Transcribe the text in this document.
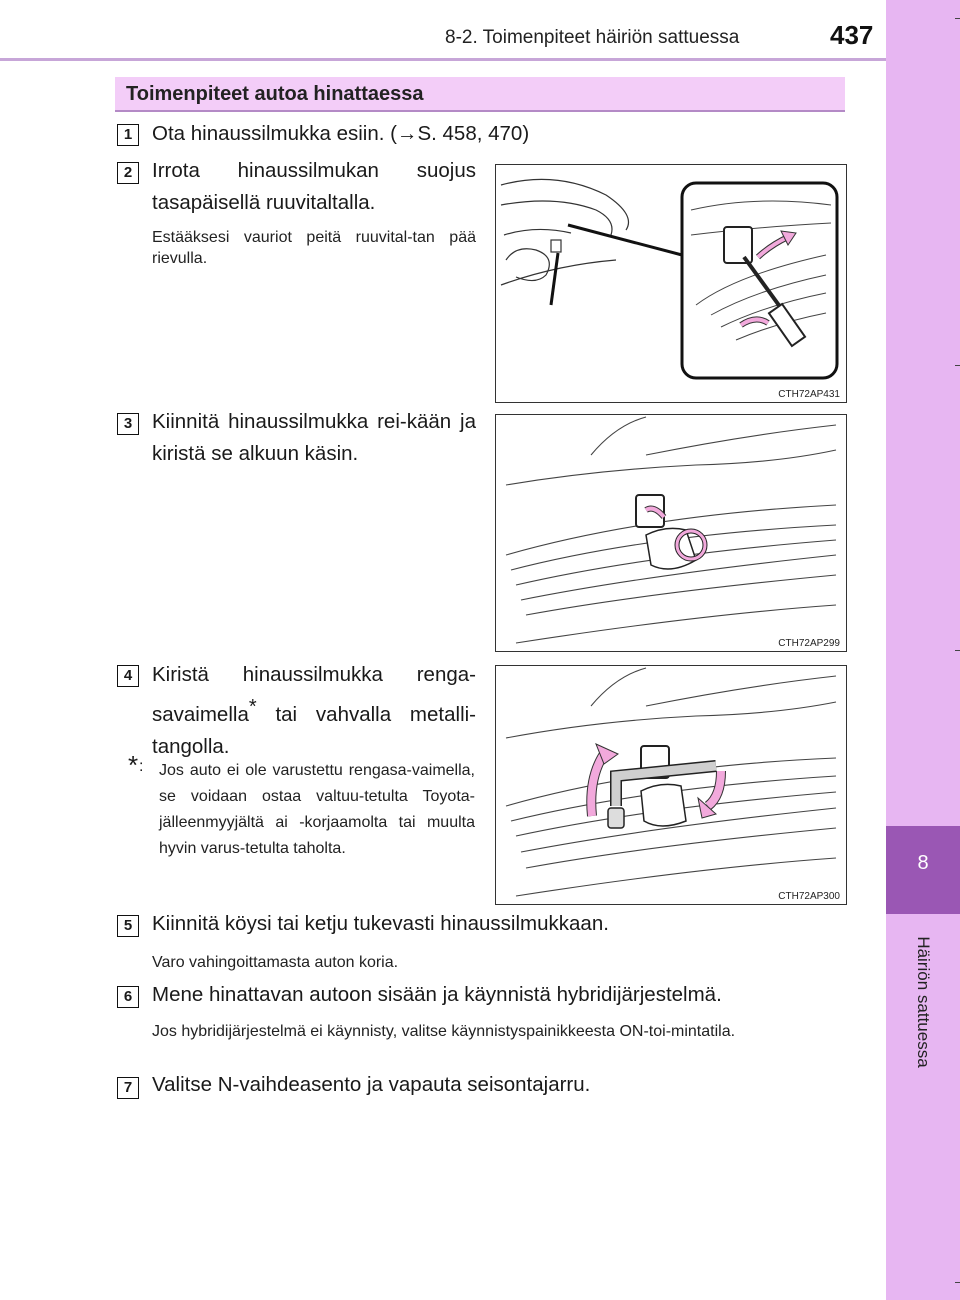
8-2. Toimenpiteet häiriön sattuessa	437
8
Häiriön sattuessa
Toimenpiteet autoa hinattaessa
1 Ota hinaussilmukka esiin. (→S. 458, 470)
2 Irrota hinaussilmukan suojus tasapäisellä ruuvitaltalla.
Estääksesi vauriot peitä ruuvital-tan pää rievulla.
CTH72AP431
3 Kiinnitä hinaussilmukka rei-kään ja kiristä se alkuun käsin.
CTH72AP299
4 Kiristä hinaussilmukka renga-savaimella* tai vahvalla metalli-tangolla.
* : Jos auto ei ole varustettu rengasa-vaimella, se voidaan ostaa valtuu-tetulta Toyota-jälleenmyyjältä ai -korjaamolta tai muulta hyvin varus-tetulta taholta.
CTH72AP300
5 Kiinnitä köysi tai ketju tukevasti hinaussilmukkaan.
Varo vahingoittamasta auton koria.
6 Mene hinattavan autoon sisään ja käynnistä hybridijärjestelmä.
Jos hybridijärjestelmä ei käynnisty, valitse käynnistyspainikkeesta ON-toi-mintatila.
7 Valitse N-vaihdeasento ja vapauta seisontajarru.
